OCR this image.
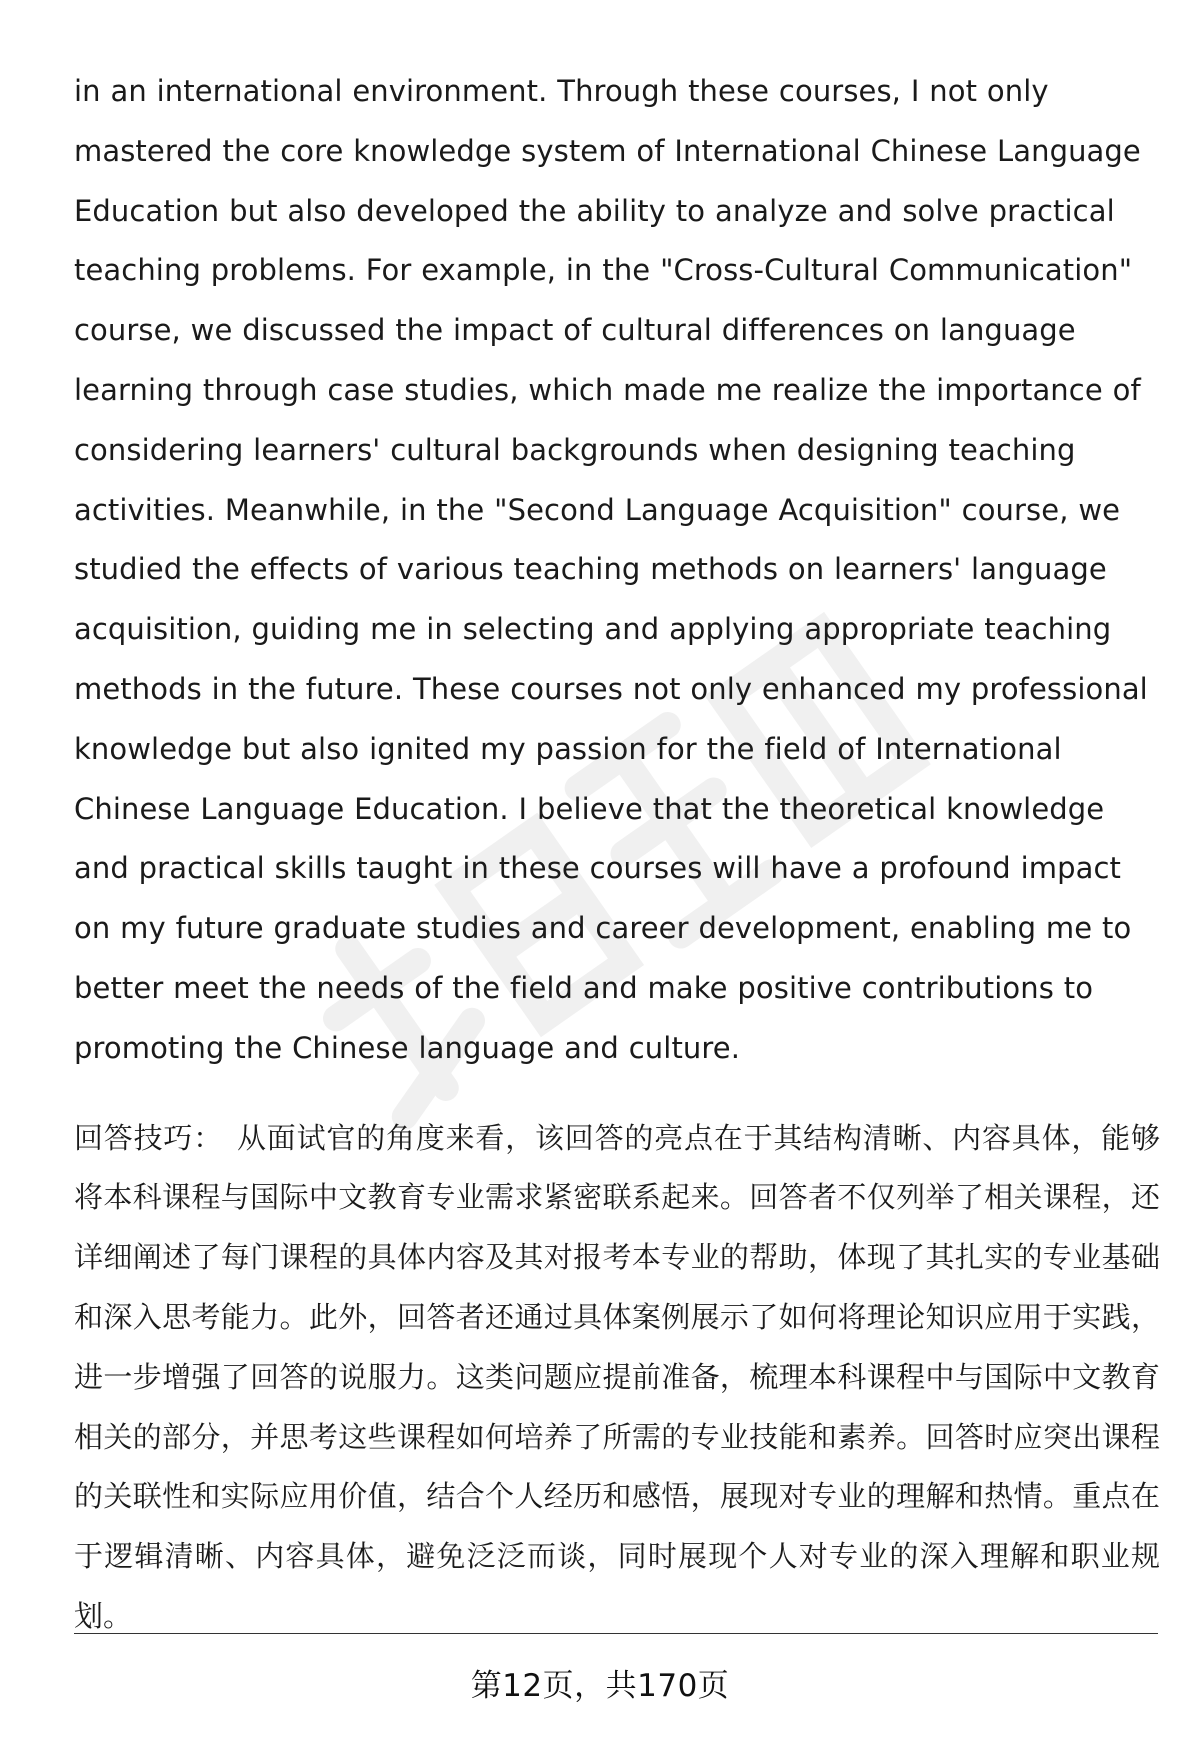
in an international environment. Through these courses, I not only mastered the core knowledge system of International Chinese Language Education but also developed the ability to analyze and solve practical teaching problems. For example, in the "Cross-Cultural Communication" course, we discussed the impact of cultural differences on language learning through case studies, which made me realize the importance of considering learners' cultural backgrounds when designing teaching activities. Meanwhile, in the "Second Language Acquisition" course, we studied the effects of various teaching methods on learners' language acquisition, guiding me in selecting and applying appropriate teaching methods in the future. These courses not only enhanced my professional knowledge but also ignited my passion for the field of International Chinese Language Education. I believe that the theoretical knowledge and practical skills taught in these courses will have a profound impact on my future graduate studies and career development, enabling me to better meet the needs of the field and make positive contributions to promoting the Chinese language and culture.

回答技巧： 从面试官的角度来看，该回答的亮点在于其结构清晰、内容具体，能够将本科课程与国际中文教育专业需求紧密联系起来。回答者不仅列举了相关课程，还详细阐述了每门课程的具体内容及其对报考本专业的帮助，体现了其扎实的专业基础和深入思考能力。此外，回答者还通过具体案例展示了如何将理论知识应用于实践，进一步增强了回答的说服力。这类问题应提前准备，梳理本科课程中与国际中文教育相关的部分，并思考这些课程如何培养了所需的专业技能和素养。回答时应突出课程的关联性和实际应用价值，结合个人经历和感悟，展现对专业的理解和热情。重点在于逻辑清晰、内容具体，避免泛泛而谈，同时展现个人对专业的深入理解和职业规划。

第12页，共170页
